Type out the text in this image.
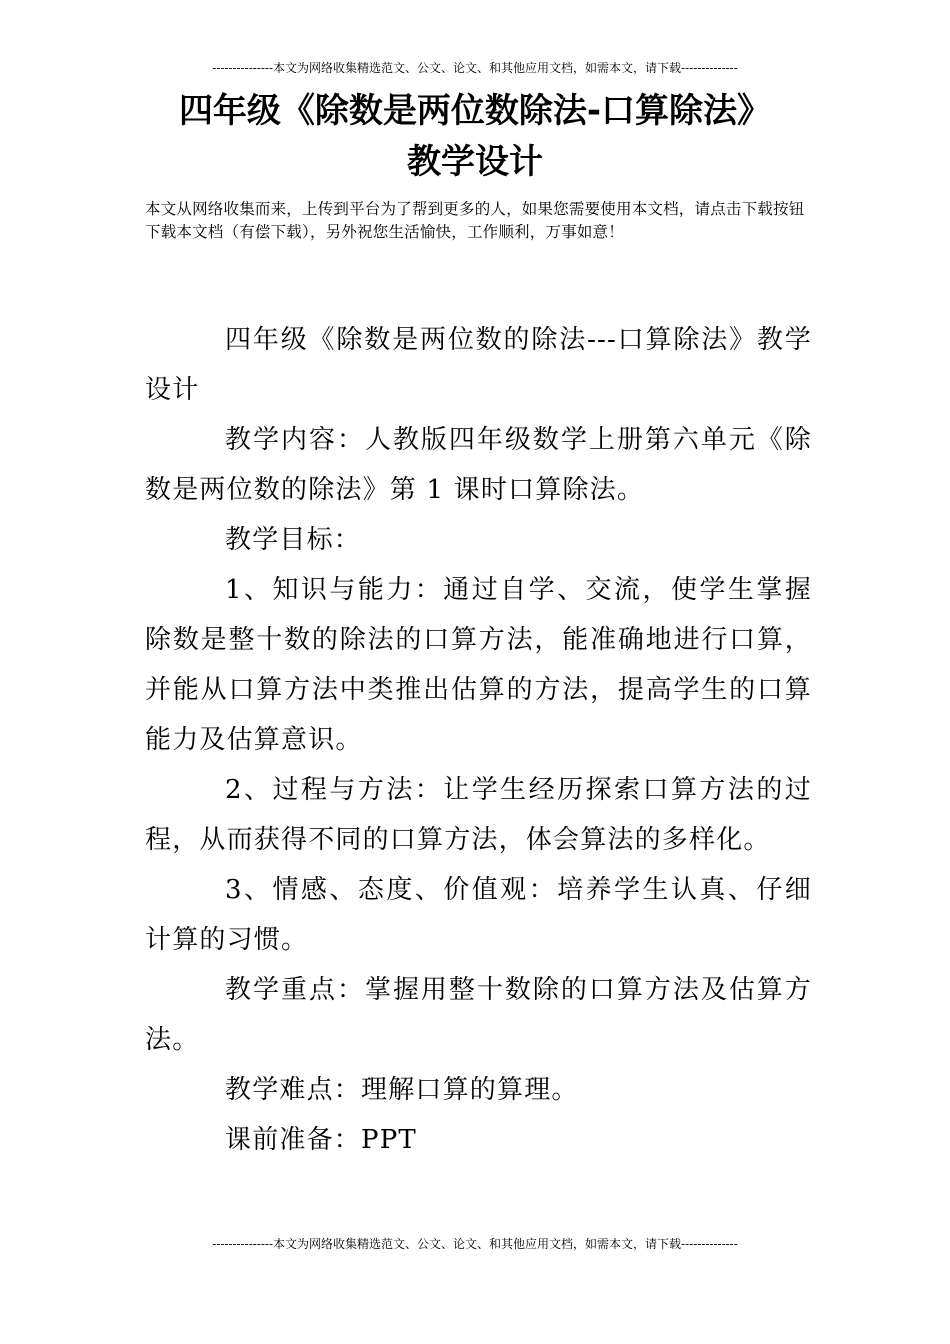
---------------本文为网络收集精选范文、公文、论文、和其他应用文档，如需本文，请下载--------------
四年级《除数是两位数除法-口算除法》
教学设计
本文从网络收集而来，上传到平台为了帮到更多的人，如果您需要使用本文档，请点击下载按钮下载本文档（有偿下载），另外祝您生活愉快，工作顺利，万事如意！

四年级《除数是两位数的除法---口算除法》教学设计

教学内容：人教版四年级数学上册第六单元《除数是两位数的除法》第 1 课时口算除法。

教学目标：

1、知识与能力：通过自学、交流，使学生掌握除数是整十数的除法的口算方法，能准确地进行口算，并能从口算方法中类推出估算的方法，提高学生的口算能力及估算意识。

2、过程与方法：让学生经历探索口算方法的过程，从而获得不同的口算方法，体会算法的多样化。

3、情感、态度、价值观：培养学生认真、仔细计算的习惯。

教学重点：掌握用整十数除的口算方法及估算方法。

教学难点：理解口算的算理。

课前准备：PPT

---------------本文为网络收集精选范文、公文、论文、和其他应用文档，如需本文，请下载--------------
